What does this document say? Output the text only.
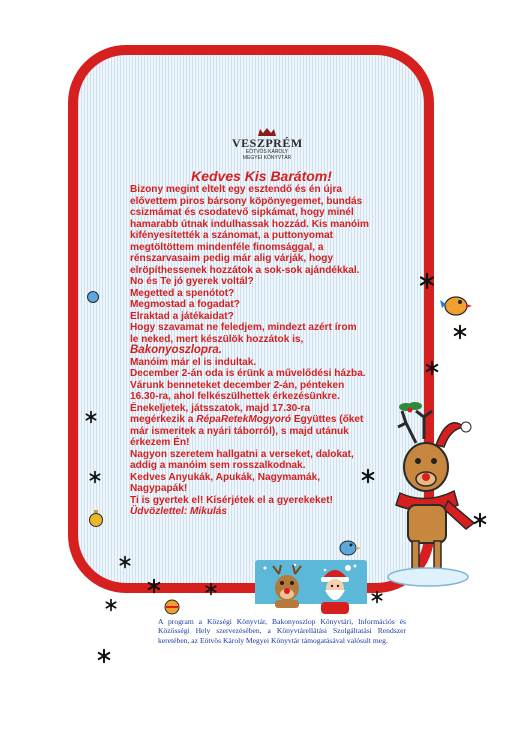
VESZPRÉM
EÖTVÖS KÁROLY
MEGYEI KÖNYVTÁR
Kedves Kis Barátom!
Bizony megint eltelt egy esztendő és én újra
elővettem piros bársony köpönyegemet, bundás
csizmámat és csodatevő sipkámat, hogy minél
hamarabb útnak indulhassak hozzád. Kis manóim
kifényesítették a szánomat, a puttonyomat
megtöltöttem mindenféle finomsággal, a
rénszarvasaim pedig már alig várják, hogy
elröpíthessenek hozzátok a sok-sok ajándékkal.
No és Te jó gyerek voltál?
Megetted a spenótot?
Megmostad a fogadat?
Elraktad a játékaidat?
Hogy szavamat ne feledjem, mindezt azért írom
le neked, mert készülök hozzátok is,
Bakonyoszlopra.
Manóim már el is indultak.
December 2-án oda is érünk a művelődési házba.
Várunk benneteket december 2-án, pénteken
16.30-ra, ahol felkészülhettek érkezésünkre.
Énekeljetek, játsszatok, majd 17.30-ra
megérkezik a RépaRetekMogyoró Együttes (őket
már ismeritek a nyári táborról), s majd utánuk
érkezem Én!
Nagyon szeretem hallgatni a verseket, dalokat,
addig a manóim sem rosszalkodnak.
Kedves Anyukák, Apukák, Nagymamák,
Nagypapák!
Ti is gyertek el! Kísérjétek el a gyerekeket!
Üdvözlettel: Mikulás

A program a Községi Könyvtár, Bakonyoszlop Könyvtári, Információs és Közösségi Hely szervezésében, a Könyvtárellátási Szolgáltatási Rendszer keretében, az Eötvös Károly Megyei Könyvtár támogatásával valósult meg.
